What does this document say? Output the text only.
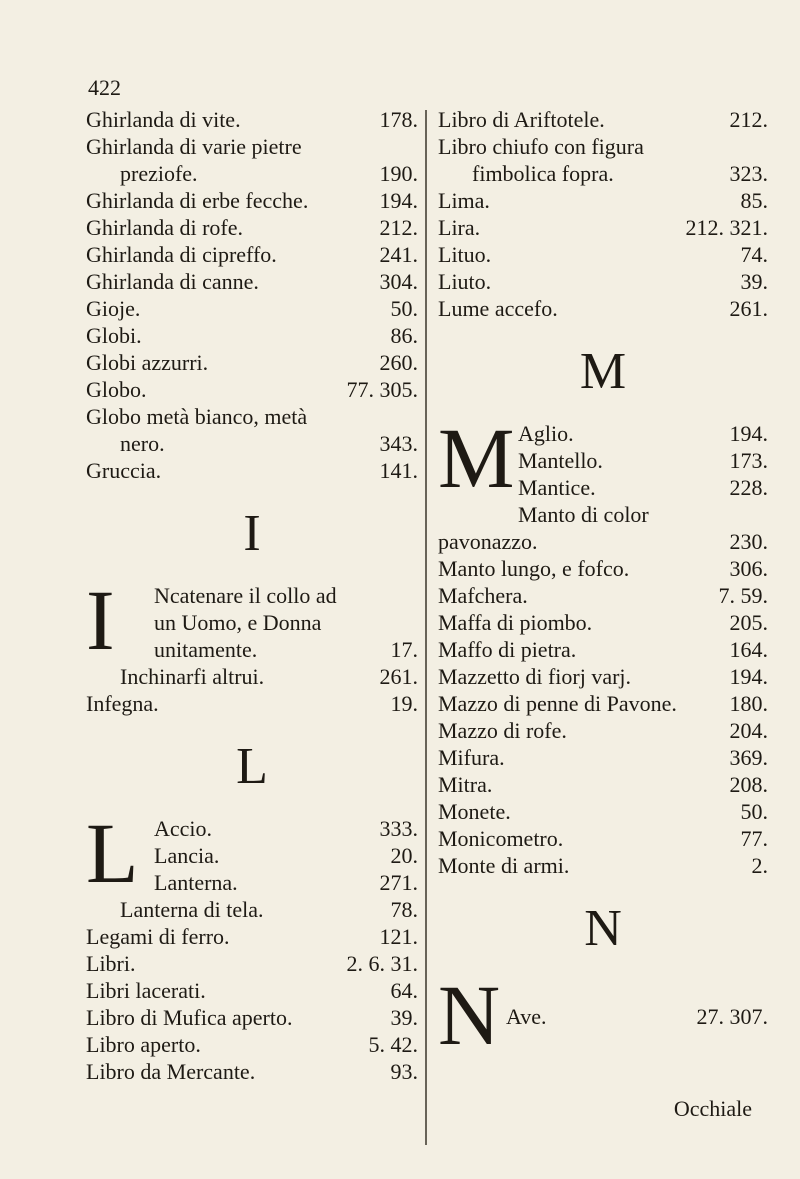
422
Ghirlanda di vite.	178.
Ghirlanda di varie pietre
preziofe.	190.
Ghirlanda di erbe fecche.	194.
Ghirlanda di rofe.	212.
Ghirlanda di cipreffo.	241.
Ghirlanda di canne.	304.
Gioje.	50.
Globi.	86.
Globi azzurri.	260.
Globo.	77. 305.
Globo metà bianco, metà
nero.	343.
Gruccia.	141.
I
I Ncatenare il collo ad
un Uomo, e Donna
unitamente.	17.
Inchinarfi altrui.	261.
Infegna.	19.
L
L Accio.	333.
Lancia.	20.
Lanterna.	271.
Lanterna di tela.	78.
Legami di ferro.	121.
Libri.	2. 6. 31.
Libri lacerati.	64.
Libro di Mufica aperto.	39.
Libro aperto.	5. 42.
Libro da Mercante.	93.
Libro di Ariftotele.	212.
Libro chiufo con figura
fimbolica fopra.	323.
Lima.	85.
Lira.	212. 321.
Lituo.	74.
Liuto.	39.
Lume accefo.	261.
M
M Aglio.	194.
Mantello.	173.
Mantice.	228.
Manto di color
pavonazzo.	230.
Manto lungo, e fofco.	306.
Mafchera.	7. 59.
Maffa di piombo.	205.
Maffo di pietra.	164.
Mazzetto di fiorj varj.	194.
Mazzo di penne di Pavone.	180.
Mazzo di rofe.	204.
Mifura.	369.
Mitra.	208.
Monete.	50.
Monicometro.	77.
Monte di armi.	2.
N
N Ave.	27. 307.
Occhiale
